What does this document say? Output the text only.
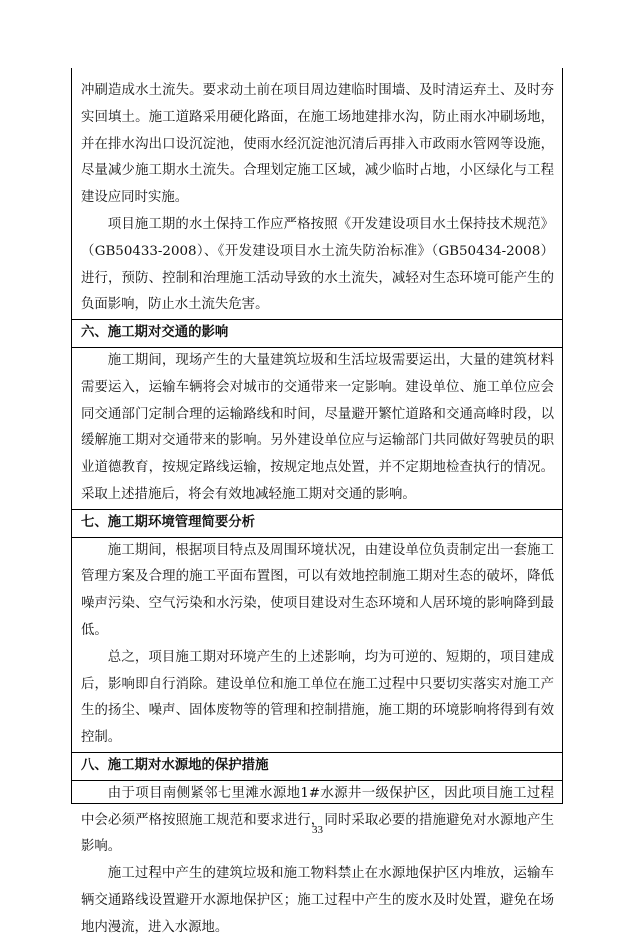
冲刷造成水土流失。要求动土前在项目周边建临时围墙、及时清运弃土、及时夯实回填土。施工道路采用硬化路面，在施工场地建排水沟，防止雨水冲刷场地，并在排水沟出口设沉淀池，使雨水经沉淀池沉清后再排入市政雨水管网等设施，尽量减少施工期水土流失。合理划定施工区域，减少临时占地，小区绿化与工程建设应同时实施。

项目施工期的水土保持工作应严格按照《开发建设项目水土保持技术规范》（GB50433-2008）、《开发建设项目水土流失防治标准》（GB50434-2008）进行，预防、控制和治理施工活动导致的水土流失，减轻对生态环境可能产生的负面影响，防止水土流失危害。

六、施工期对交通的影响

施工期间，现场产生的大量建筑垃圾和生活垃圾需要运出，大量的建筑材料需要运入，运输车辆将会对城市的交通带来一定影响。建设单位、施工单位应会同交通部门定制合理的运输路线和时间，尽量避开繁忙道路和交通高峰时段，以缓解施工期对交通带来的影响。另外建设单位应与运输部门共同做好驾驶员的职业道德教育，按规定路线运输，按规定地点处置，并不定期地检查执行的情况。采取上述措施后，将会有效地减轻施工期对交通的影响。

七、施工期环境管理简要分析

施工期间，根据项目特点及周围环境状况，由建设单位负责制定出一套施工管理方案及合理的施工平面布置图，可以有效地控制施工期对生态的破坏，降低噪声污染、空气污染和水污染，使项目建设对生态环境和人居环境的影响降到最低。

总之，项目施工期对环境产生的上述影响，均为可逆的、短期的，项目建成后，影响即自行消除。建设单位和施工单位在施工过程中只要切实落实对施工产生的扬尘、噪声、固体废物等的管理和控制措施，施工期的环境影响将得到有效控制。

八、施工期对水源地的保护措施

由于项目南侧紧邻七里滩水源地1#水源井一级保护区，因此项目施工过程中会必须严格按照施工规范和要求进行，同时采取必要的措施避免对水源地产生影响。

施工过程中产生的建筑垃圾和施工物料禁止在水源地保护区内堆放，运输车辆交通路线设置避开水源地保护区；施工过程中产生的废水及时处置，避免在场地内漫流，进入水源地。

33
